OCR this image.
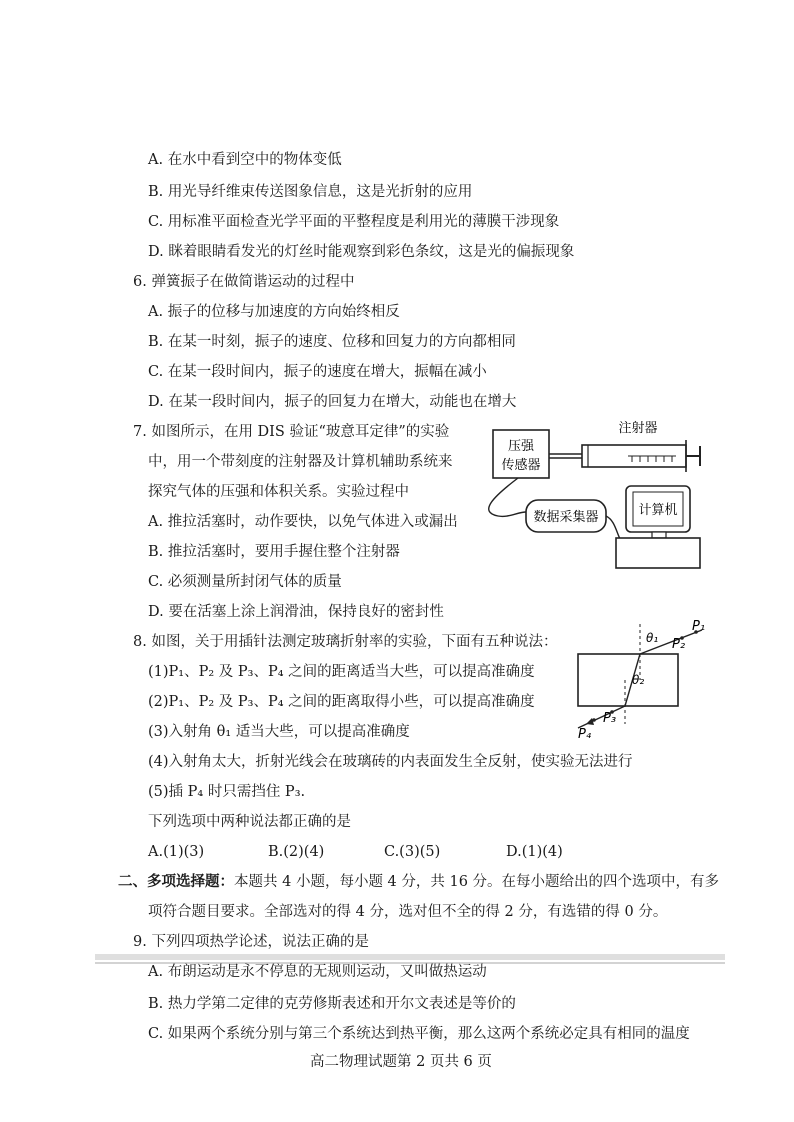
A. 在水中看到空中的物体变低
B. 用光导纤维束传送图象信息，这是光折射的应用
C. 用标准平面检查光学平面的平整程度是利用光的薄膜干涉现象
D. 眯着眼睛看发光的灯丝时能观察到彩色条纹，这是光的偏振现象
6. 弹簧振子在做简谐运动的过程中
A. 振子的位移与加速度的方向始终相反
B. 在某一时刻，振子的速度、位移和回复力的方向都相同
C. 在某一段时间内，振子的速度在增大，振幅在减小
D. 在某一段时间内，振子的回复力在增大，动能也在增大
7. 如图所示，在用 DIS 验证“玻意耳定律”的实验
中，用一个带刻度的注射器及计算机辅助系统来
探究气体的压强和体积关系。实验过程中
A. 推拉活塞时，动作要快，以免气体进入或漏出
B. 推拉活塞时，要用手握住整个注射器
C. 必须测量所封闭气体的质量
D. 要在活塞上涂上润滑油，保持良好的密封性
压强
传感器
注射器
数据采集器	计算机
8. 如图，关于用插针法测定玻璃折射率的实验，下面有五种说法：
(1)P₁、P₂ 及 P₃、P₄ 之间的距离适当大些，可以提高准确度
(2)P₁、P₂ 及 P₃、P₄ 之间的距离取得小些，可以提高准确度
(3)入射角 θ₁ 适当大些，可以提高准确度
(4)入射角太大，折射光线会在玻璃砖的内表面发生全反射，使实验无法进行
(5)插 P₄ 时只需挡住 P₃.
下列选项中两种说法都正确的是
A.(1)(3)	B.(2)(4)	C.(3)(5)	D.(1)(4)
θ₁
θ₂
P₁
P₂
P₃
P₄
二、多项选择题：本题共 4 小题，每小题 4 分，共 16 分。在每小题给出的四个选项中，有多
项符合题目要求。全部选对的得 4 分，选对但不全的得 2 分，有选错的得 0 分。
9. 下列四项热学论述，说法正确的是
A. 布朗运动是永不停息的无规则运动，又叫做热运动
B. 热力学第二定律的克劳修斯表述和开尔文表述是等价的
C. 如果两个系统分别与第三个系统达到热平衡，那么这两个系统必定具有相同的温度
高二物理试题第 2 页共 6 页
